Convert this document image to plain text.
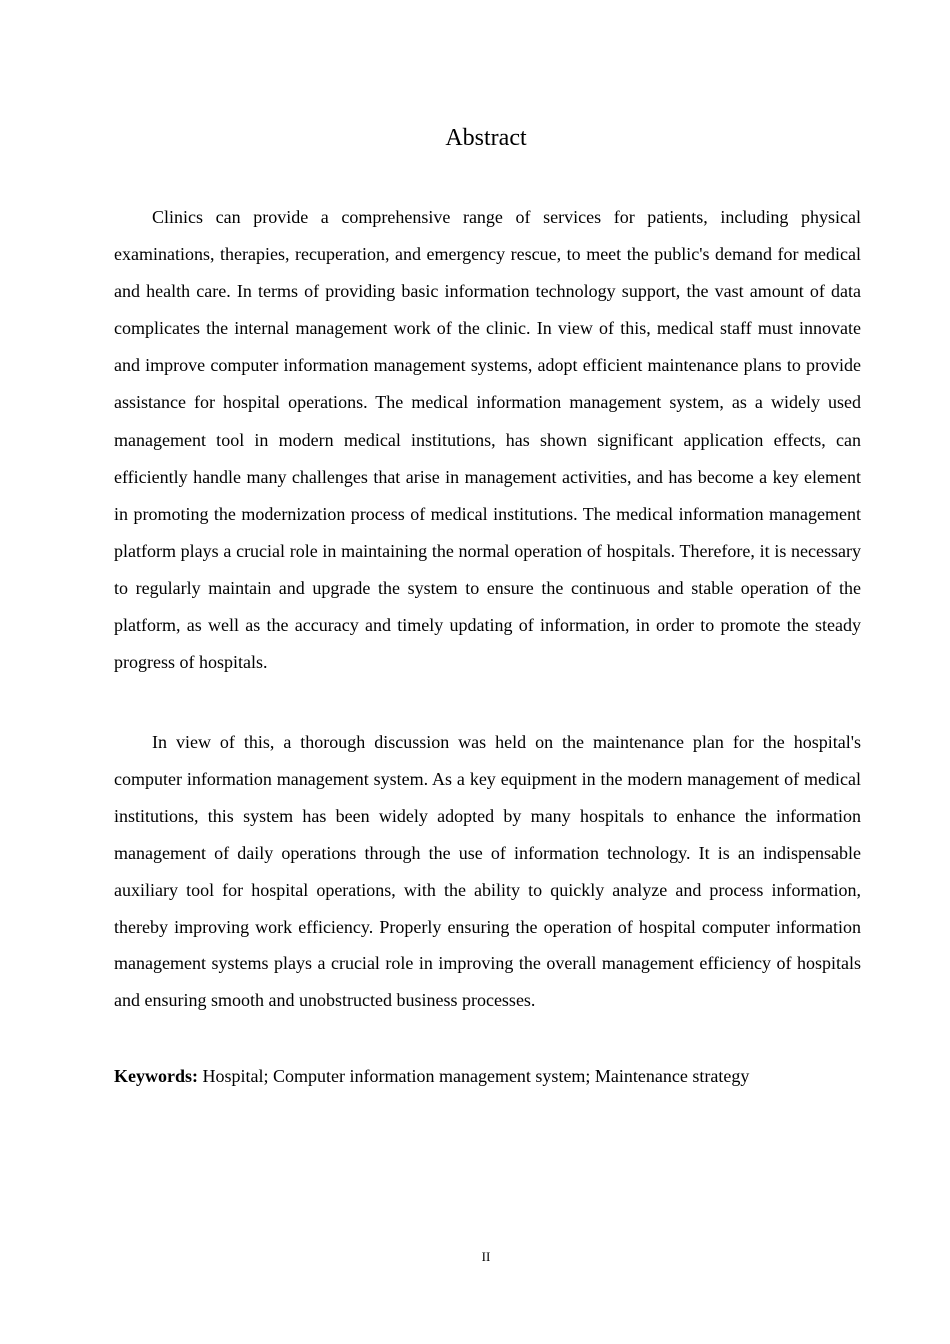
Abstract

Clinics can provide a comprehensive range of services for patients, including physical examinations, therapies, recuperation, and emergency rescue, to meet the public's demand for medical and health care. In terms of providing basic information technology support, the vast amount of data complicates the internal management work of the clinic. In view of this, medical staff must innovate and improve computer information management systems, adopt efficient maintenance plans to provide assistance for hospital operations. The medical information management system, as a widely used management tool in modern medical institutions, has shown significant application effects, can efficiently handle many challenges that arise in management activities, and has become a key element in promoting the modernization process of medical institutions. The medical information management platform plays a crucial role in maintaining the normal operation of hospitals. Therefore, it is necessary to regularly maintain and upgrade the system to ensure the continuous and stable operation of the platform, as well as the accuracy and timely updating of information, in order to promote the steady progress of hospitals.

In view of this, a thorough discussion was held on the maintenance plan for the hospital's computer information management system. As a key equipment in the modern management of medical institutions, this system has been widely adopted by many hospitals to enhance the information management of daily operations through the use of information technology. It is an indispensable auxiliary tool for hospital operations, with the ability to quickly analyze and process information, thereby improving work efficiency. Properly ensuring the operation of hospital computer information management systems plays a crucial role in improving the overall management efficiency of hospitals and ensuring smooth and unobstructed business processes.

Keywords: Hospital; Computer information management system; Maintenance strategy

II
